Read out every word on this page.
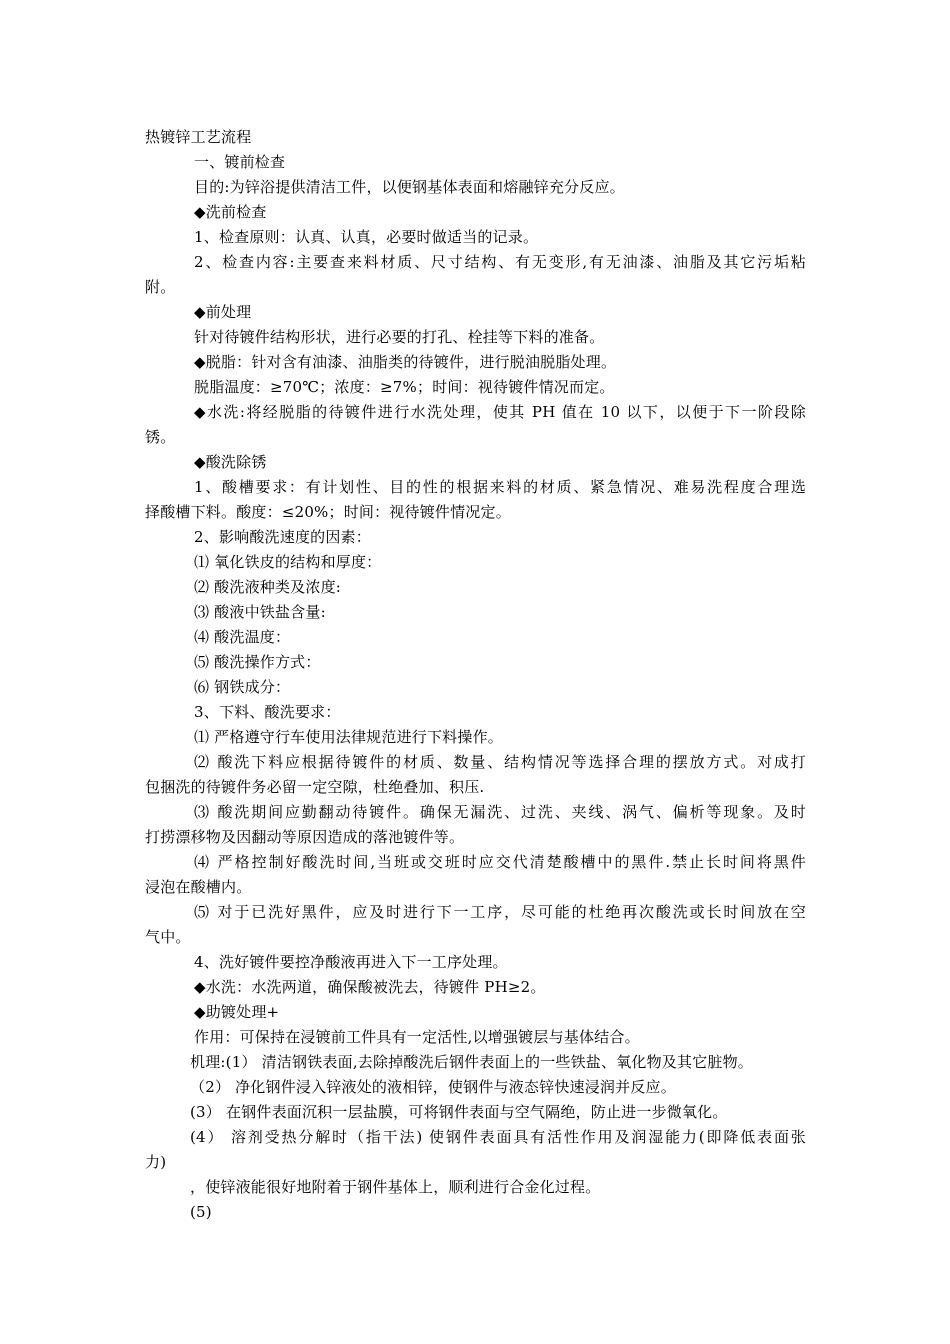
热镀锌工艺流程
一、镀前检查
目的:为锌浴提供清洁工件，以便钢基体表面和熔融锌充分反应。
◆洗前检查
1、检查原则：认真、认真，必要时做适当的记录。
2、检查内容:主要查来料材质、尺寸结构、有无变形,有无油漆、油脂及其它污垢粘
附。
◆前处理
针对待镀件结构形状，进行必要的打孔、栓挂等下料的准备。
◆脱脂：针对含有油漆、油脂类的待镀件，进行脱油脱脂处理。
脱脂温度：≥70℃；浓度：≥7%；时间：视待镀件情况而定。
◆水洗:将经脱脂的待镀件进行水洗处理，使其 PH 值在 10 以下，以便于下一阶段除
锈。
◆酸洗除锈
1、酸槽要求：有计划性、目的性的根据来料的材质、紧急情况、难易洗程度合理选
择酸槽下料。酸度：≤20%；时间：视待镀件情况定。
2、影响酸洗速度的因素：
⑴ 氧化铁皮的结构和厚度：
⑵ 酸洗液种类及浓度:
⑶ 酸液中铁盐含量:
⑷ 酸洗温度：
⑸ 酸洗操作方式：
⑹ 钢铁成分：
3、下料、酸洗要求：
⑴ 严格遵守行车使用法律规范进行下料操作。
⑵ 酸洗下料应根据待镀件的材质、数量、结构情况等选择合理的摆放方式。对成打
包捆洗的待镀件务必留一定空隙，杜绝叠加、积压.
⑶ 酸洗期间应勤翻动待镀件。确保无漏洗、过洗、夹线、涡气、偏析等现象。及时
打捞漂移物及因翻动等原因造成的落池镀件等。
⑷ 严格控制好酸洗时间,当班或交班时应交代清楚酸槽中的黑件.禁止长时间将黑件
浸泡在酸槽内。
⑸ 对于已洗好黑件，应及时进行下一工序，尽可能的杜绝再次酸洗或长时间放在空
气中。
4、洗好镀件要控净酸液再进入下一工序处理。
◆水洗：水洗两道，确保酸被洗去，待镀件 PH≥2。
◆助镀处理+
作用：可保持在浸镀前工件具有一定活性,以增强镀层与基体结合。
机理:(1） 清洁钢铁表面,去除掉酸洗后钢件表面上的一些铁盐、氧化物及其它脏物。
（2） 净化钢件浸入锌液处的液相锌，使钢件与液态锌快速浸润并反应。
(3） 在钢件表面沉积一层盐膜，可将钢件表面与空气隔绝，防止进一步微氧化。
(4） 溶剂受热分解时（指干法) 使钢件表面具有活性作用及润湿能力(即降低表面张
力)
，使锌液能很好地附着于钢件基体上，顺利进行合金化过程。
(5)
